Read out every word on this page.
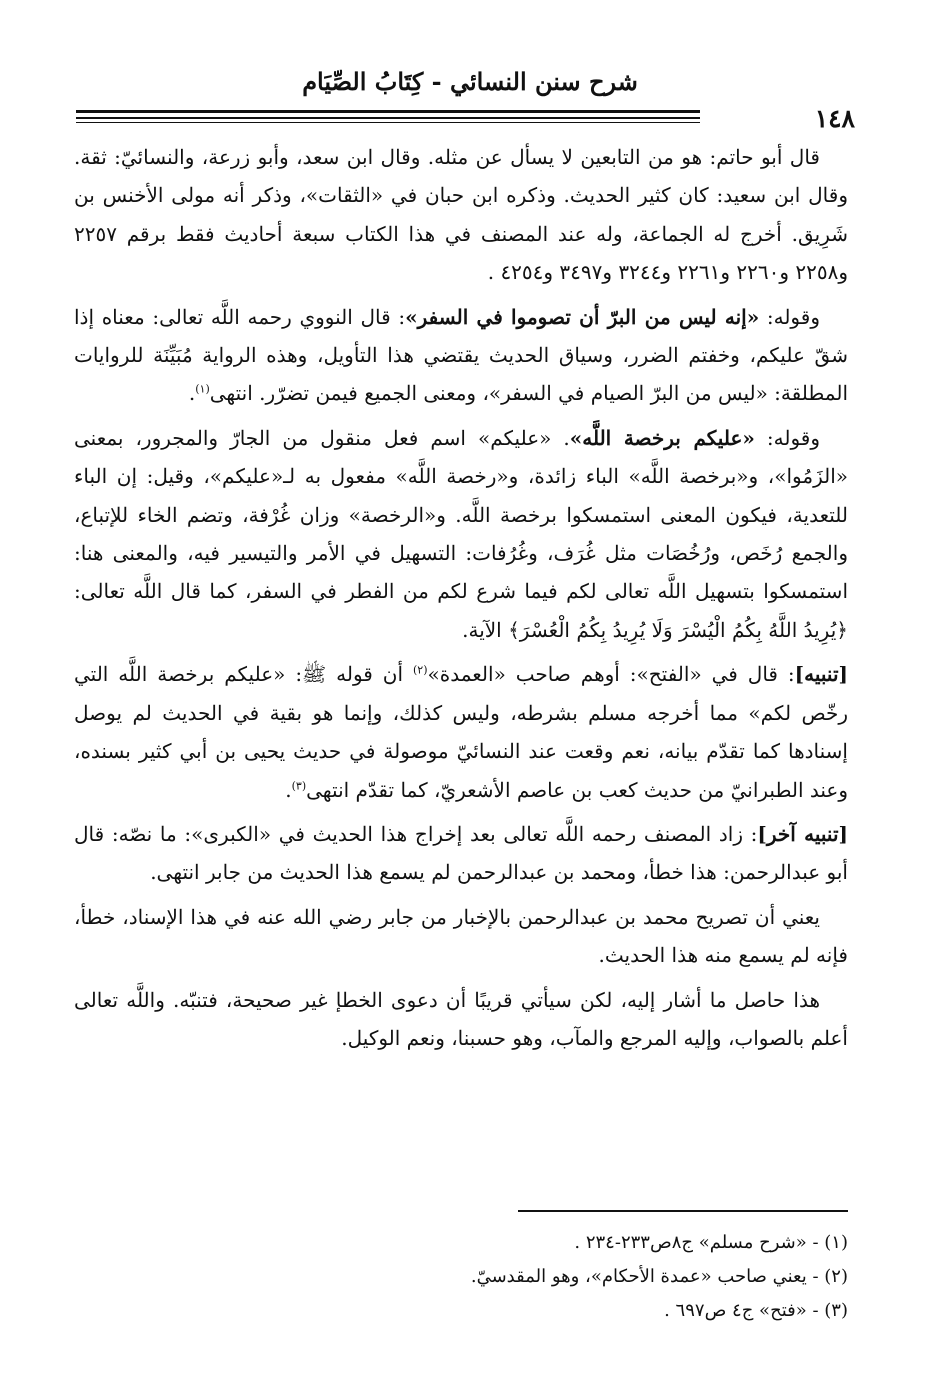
شرح سنن النسائي - كِتَابُ الصِّيَام
١٤٨

قال أبو حاتم: هو من التابعين لا يسأل عن مثله. وقال ابن سعد، وأبو زرعة، والنسائيّ: ثقة. وقال ابن سعيد: كان كثير الحديث. وذكره ابن حبان في «الثقات»، وذكر أنه مولى الأخنس بن شَرِيق. أخرج له الجماعة، وله عند المصنف في هذا الكتاب سبعة أحاديث فقط برقم ٢٢٥٧ و٢٢٥٨ و٢٢٦٠ و٢٢٦١ و٣٢٤٤ و٣٤٩٧ و٤٢٥٤ .

وقوله: «إنه ليس من البرّ أن تصوموا في السفر»: قال النووي رحمه اللَّه تعالى: معناه إذا شقّ عليكم، وخفتم الضرر، وسياق الحديث يقتضي هذا التأويل، وهذه الرواية مُبَيِّنَة للروايات المطلقة: «ليس من البرّ الصيام في السفر»، ومعنى الجميع فيمن تضرّر. انتهى$^{(١)}$.

وقوله: «عليكم برخصة اللَّه». «عليكم» اسم فعل منقول من الجارّ والمجرور، بمعنى «الزَمُوا»، و«برخصة اللَّه» الباء زائدة، و«رخصة اللَّه» مفعول به لـ«عليكم»، وقيل: إن الباء للتعدية، فيكون المعنى استمسكوا برخصة اللَّه. و«الرخصة» وزان غُرْفة، وتضم الخاء للإتباع، والجمع رُخَص، ورُخُصَات مثل غُرَف، وغُرُفات: التسهيل في الأمر والتيسير فيه، والمعنى هنا: استمسكوا بتسهيل اللَّه تعالى لكم فيما شرع لكم من الفطر في السفر، كما قال اللَّه تعالى: ﴿يُرِيدُ اللَّهُ بِكُمُ الْيُسْرَ وَلَا يُرِيدُ بِكُمُ الْعُسْرَ﴾ الآية.

[تنبيه]: قال في «الفتح»: أوهم صاحب «العمدة»$^{(٢)}$ أن قوله ﷺ: «عليكم برخصة اللَّه التي رخّص لكم» مما أخرجه مسلم بشرطه، وليس كذلك، وإنما هو بقية في الحديث لم يوصل إسنادها كما تقدّم بيانه، نعم وقعت عند النسائيّ موصولة في حديث يحيى بن أبي كثير بسنده، وعند الطبرانيّ من حديث كعب بن عاصم الأشعريّ، كما تقدّم انتهى$^{(٣)}$.

[تنبيه آخر]: زاد المصنف رحمه اللَّه تعالى بعد إخراج هذا الحديث في «الكبرى»: ما نصّه: قال أبو عبدالرحمن: هذا خطأ، ومحمد بن عبدالرحمن لم يسمع هذا الحديث من جابر انتهى.

يعني أن تصريح محمد بن عبدالرحمن بالإخبار من جابر رضي الله عنه في هذا الإسناد، خطأ، فإنه لم يسمع منه هذا الحديث.

هذا حاصل ما أشار إليه، لكن سيأتي قريبًا أن دعوى الخطإ غير صحيحة، فتنبّه. واللَّه تعالى أعلم بالصواب، وإليه المرجع والمآب، وهو حسبنا، ونعم الوكيل.

(١) - «شرح مسلم» ج٨ص٢٣٣-٢٣٤ .
(٢) - يعني صاحب «عمدة الأحكام»، وهو المقدسيّ.
(٣) - «فتح» ج٤ ص٦٩٧ .
